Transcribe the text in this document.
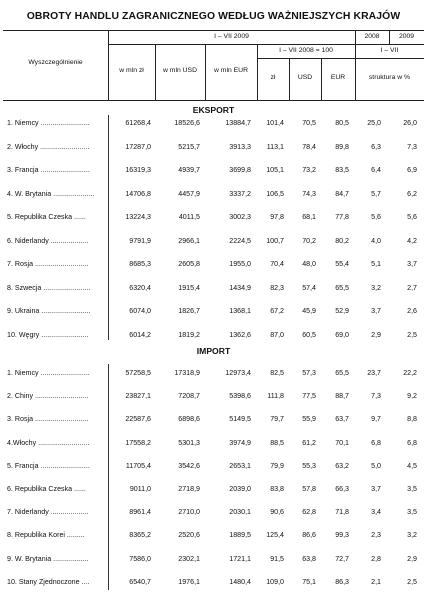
OBROTY HANDLU ZAGRANICZNEGO WEDŁUG WAŻNIEJSZYCH KRAJÓW
Wyszczególnienie
I – VII 2009	2008	2009
w mln zł	w mln USD	w mln EUR
I – VII 2008 = 100	I – VII
zł	USD	EUR	struktura w %
EKSPORT
IMPORT
1. Niemcy .........................	61268,4	18526,6	13884,7 101,4	70,5	80,5	25,0	26,0
2. Włochy .........................	17287,0	5215,7	3913,3 113,1	78,4	89,8	6,3	7,3
3. Francja .........................	16319,3	4939,7	3699,8 105,1	73,2	83,5	6,4	6,9
4. W. Brytania .....................	14706,8	4457,9	3337,2 106,5	74,3	84,7	5,7	6,2
5. Republika Czeska ......	13224,3	4011,5	3002,3	97,8	68,1	77,8	5,6	5,6
6. Niderlandy ...................	9791,9	2966,1	2224,5 100,7	70,2	80,2	4,0	4,2
7. Rosja ...........................	8685,3	2605,8	1955,0	70,4	48,0	55,4	5,1	3,7
8. Szwecja ........................	6320,4	1915,4	1434,9	82,3	57,4	65,5	3,2	2,7
9. Ukraina .........................	6074,0	1826,7	1368,1	67,2	45,9	52,9	3,7	2,6
10. Węgry ........................	6014,2	1819,2	1362,6	87,0	60,5	69,0	2,9	2,5
1. Niemcy .........................	57258,5	17318,9	12973,4	82,5	57,3	65,5	23,7	22,2
2. Chiny ...........................	23827,1	7208,7	5398,6 111,8	77,5	88,7	7,3	9,2
3. Rosja ...........................	22587,6	6898,6	5149,5	79,7	55,9	63,7	9,7	8,8
4.Włochy ..........................	17558,2	5301,3	3974,9	88,5	61,2	70,1	6,8	6,8
5. Francja .........................	11705,4	3542,6	2653,1	79,9	55,3	63,2	5,0	4,5
6. Republika Czeska ......	9011,0	2718,9	2039,0	83,8	57,8	66,3	3,7	3,5
7. Niderlandy ...................	8961,4	2710,0	2030,1	90,6	62,8	71,8	3,4	3,5
8. Republika Korei .........	8365,2	2520,6	1889,5 125,4	86,6	99,3	2,3	3,2
9. W. Brytania ..................	7586,0	2302,1	1721,1	91,5	63,8	72,7	2,8	2,9
10. Stany Zjednoczone ....	6540,7	1976,1	1480,4 109,0	75,1	86,3	2,1	2,5
